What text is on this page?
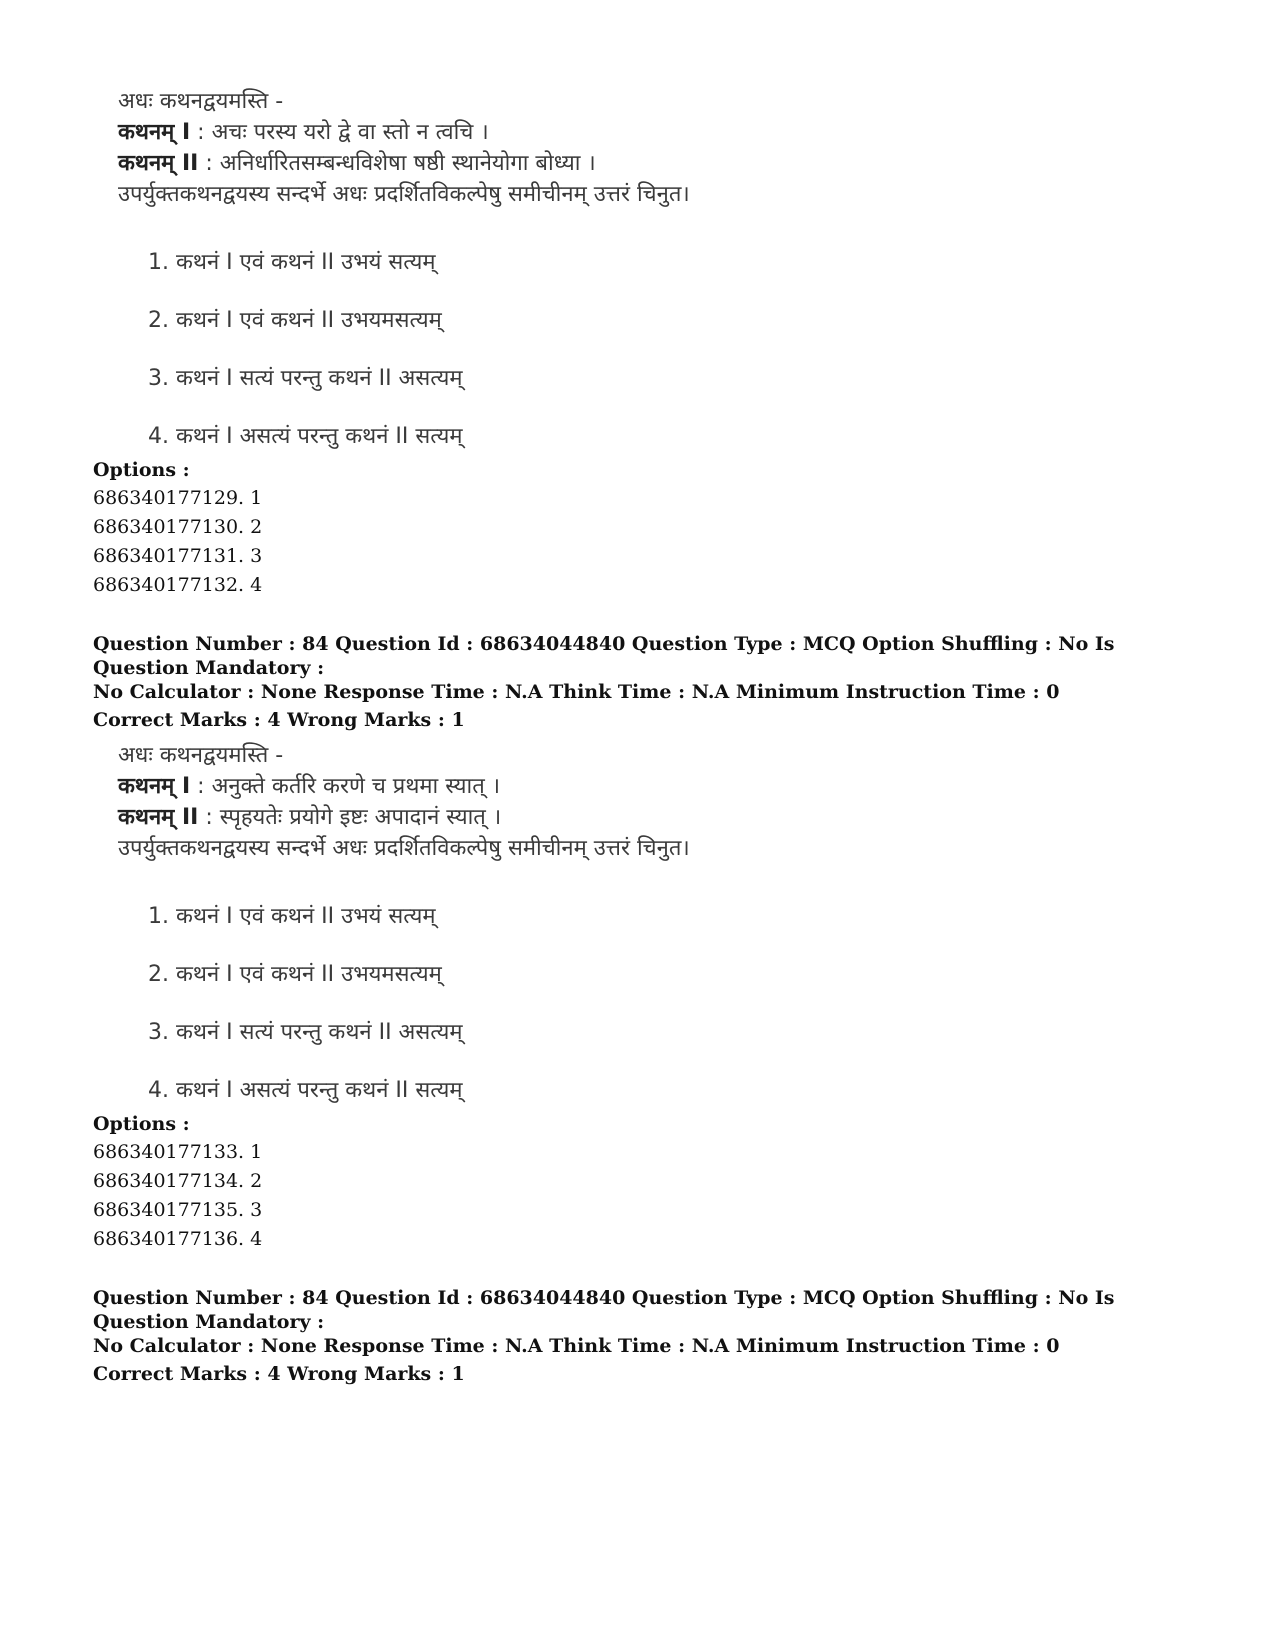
अधः कथनद्वयमस्ति -
कथनम् I : अचः परस्य यरो द्वे वा स्तो न त्वचि ।
कथनम् II : अनिर्धारितसम्बन्धविशेषा षष्ठी स्थानेयोगा बोध्या ।
उपर्युक्तकथनद्वयस्य सन्दर्भे अधः प्रदर्शितविकल्पेषु समीचीनम् उत्तरं चिनुत।
1. कथनं I एवं कथनं II उभयं सत्यम्
2. कथनं I एवं कथनं II उभयमसत्यम्
3. कथनं I सत्यं परन्तु कथनं II असत्यम्
4. कथनं I असत्यं परन्तु कथनं II सत्यम्
Options :
686340177129. 1
686340177130. 2
686340177131. 3
686340177132. 4
Question Number : 84 Question Id : 68634044840 Question Type : MCQ Option Shuffling : No Is Question Mandatory :
No Calculator : None Response Time : N.A Think Time : N.A Minimum Instruction Time : 0
Correct Marks : 4 Wrong Marks : 1
अधः कथनद्वयमस्ति -
कथनम् I : अनुक्ते कर्तरि करणे च प्रथमा स्यात् ।
कथनम् II : स्पृहयतेः प्रयोगे इष्टः अपादानं स्यात् ।
उपर्युक्तकथनद्वयस्य सन्दर्भे अधः प्रदर्शितविकल्पेषु समीचीनम् उत्तरं चिनुत।
1. कथनं I एवं कथनं II उभयं सत्यम्
2. कथनं I एवं कथनं II उभयमसत्यम्
3. कथनं I सत्यं परन्तु कथनं II असत्यम्
4. कथनं I असत्यं परन्तु कथनं II सत्यम्
Options :
686340177133. 1
686340177134. 2
686340177135. 3
686340177136. 4
Question Number : 84 Question Id : 68634044840 Question Type : MCQ Option Shuffling : No Is Question Mandatory :
No Calculator : None Response Time : N.A Think Time : N.A Minimum Instruction Time : 0
Correct Marks : 4 Wrong Marks : 1
